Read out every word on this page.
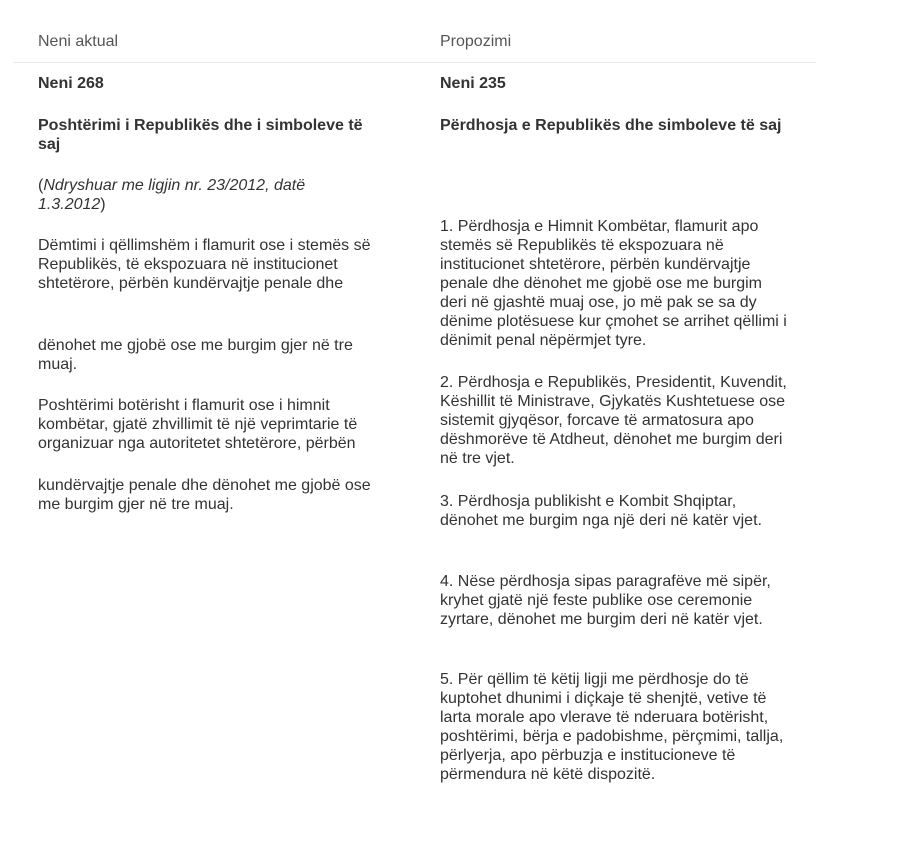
Neni aktual	Propozimi

Neni 268

Poshtërimi i Republikës dhe i simboleve të saj

(Ndryshuar me ligjin nr. 23/2012, datë 1.3.2012)

Dëmtimi i qëllimshëm i flamurit ose i stemës së Republikës, të ekspozuara në institucionet shtetërore, përbën kundërvajtje penale dhe

dënohet me gjobë ose me burgim gjer në tre muaj.

Poshtërimi botërisht i flamurit ose i himnit kombëtar, gjatë zhvillimit të një veprimtarie të organizuar nga autoritetet shtetërore, përbën

kundërvajtje penale dhe dënohet me gjobë ose me burgim gjer në tre muaj.

Neni 235

Përdhosja e Republikës dhe simboleve të saj

1. Përdhosja e Himnit Kombëtar, flamurit apo stemës së Republikës të ekspozuara në institucionet shtetërore, përbën kundërvajtje penale dhe dënohet me gjobë ose me burgim deri në gjashtë muaj ose, jo më pak se sa dy dënime plotësuese kur çmohet se arrihet qëllimi i dënimit penal nëpërmjet tyre.

2. Përdhosja e Republikës, Presidentit, Kuvendit, Këshillit të Ministrave, Gjykatës Kushtetuese ose sistemit gjyqësor, forcave të armatosura apo dëshmorëve të Atdheut, dënohet me burgim deri në tre vjet.

3. Përdhosja publikisht e Kombit Shqiptar, dënohet me burgim nga një deri në katër vjet.

4. Nëse përdhosja sipas paragrafëve më sipër, kryhet gjatë një feste publike ose ceremonie zyrtare, dënohet me burgim deri në katër vjet.

5. Për qëllim të këtij ligji me përdhosje do të kuptohet dhunimi i diçkaje të shenjtë, vetive të larta morale apo vlerave të nderuara botërisht, poshtërimi, bërja e padobishme, përçmimi, tallja, përlyerja, apo përbuzja e institucioneve të përmendura në këtë dispozitë.
